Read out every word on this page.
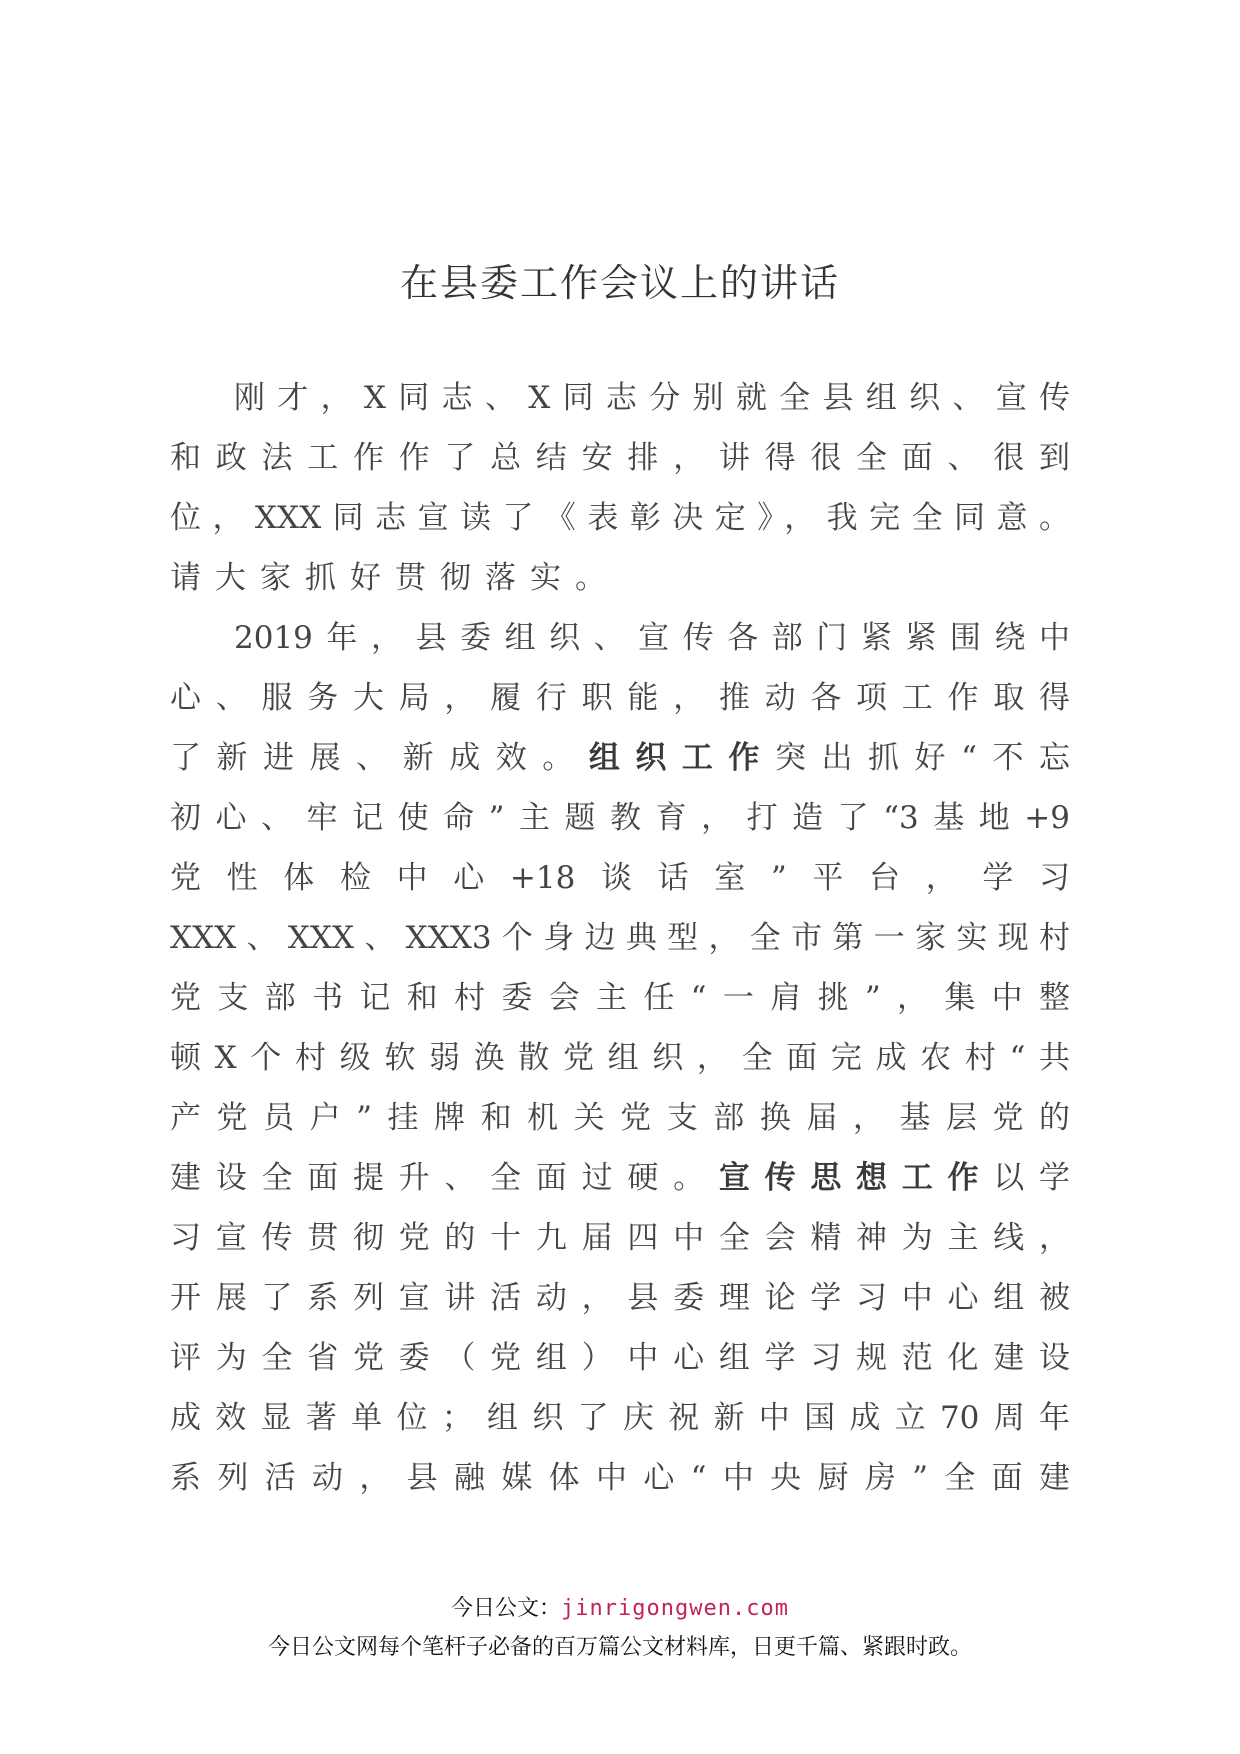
在县委工作会议上的讲话
刚才，X同志、X同志分别就全县组织、宣传
和政法工作作了总结安排，讲得很全面、很到
位，XXX同志宣读了《表彰决定》，我完全同意。
请大家抓好贯彻落实。
2019年，县委组织、宣传各部门紧紧围绕中
心、服务大局，履行职能，推动各项工作取得
了新进展、新成效。组织工作突出抓好“不忘
初心、牢记使命”主题教育，打造了“3基地+9
党性体检中心+18谈话室”平台，学习
XXX、XXX、XXX3个身边典型，全市第一家实现村
党支部书记和村委会主任“一肩挑”，集中整
顿X个村级软弱涣散党组织，全面完成农村“共
产党员户”挂牌和机关党支部换届，基层党的
建设全面提升、全面过硬。宣传思想工作以学
习宣传贯彻党的十九届四中全会精神为主线，
开展了系列宣讲活动，县委理论学习中心组被
评为全省党委（党组）中心组学习规范化建设
成效显著单位；组织了庆祝新中国成立70周年
系列活动，县融媒体中心“中央厨房”全面建
今日公文：jinrigongwen.com
今日公文网每个笔杆子必备的百万篇公文材料库，日更千篇、紧跟时政。
